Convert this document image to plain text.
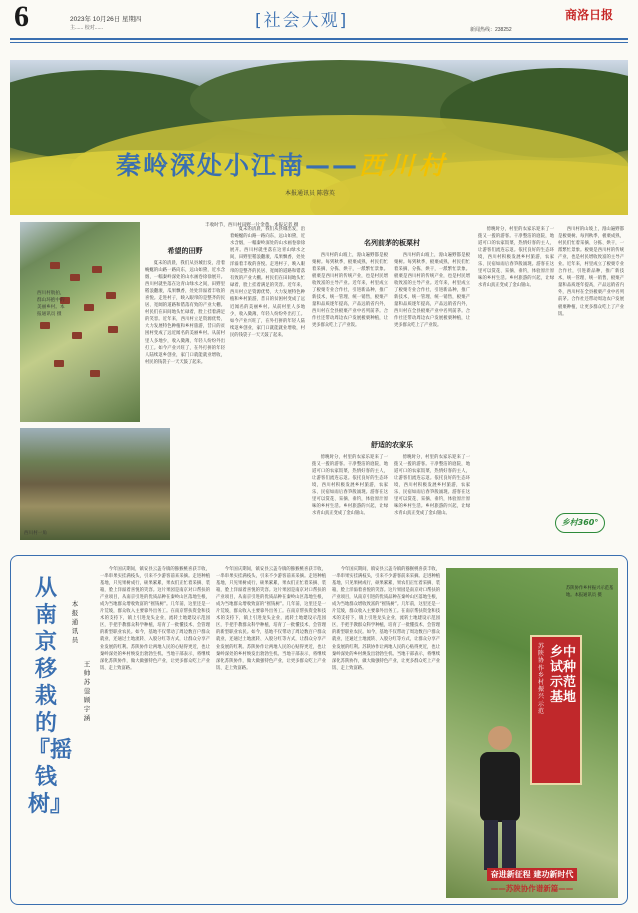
6	2023年 10月26日 星期四
主...... 校对......	[社会大观]	新闻热线：238252
商洛日报
秦岭深处小江南——西川村
本报通讯员 陈蓉英
西川村航拍，群山环抱中的美丽乡村。本报通讯员 摄
丰收时节，西川村田野一片金黄。本报记者 摄
希望的田野

夏末的清晨，我们从县城出发，沿着蜿蜒的山路一路向东，远山如黛，近水含烟，一幅秦岭深处的山水画卷徐徐展开。西川村就坐落在这青山绿水之间，田野里稻浪翻滚，瓜果飘香，处处洋溢着丰收的喜悦。走进村子，映入眼帘的是整齐的民居、宽阔的道路和错落有致的产业大棚。村民们在田间地头忙碌着，脸上挂着满足的笑容。近年来，西川村立足资源优势，大力发展特色种植和乡村旅游，昔日的贫困村变成了远近闻名的美丽乡村。从前村里人多地少，收入微薄，年轻人纷纷外出打工。如今产业兴旺了，在外打拼的年轻人陆续返乡创业，家门口就能就业增收，村民的钱袋子一天天鼓了起来。

夏末的清晨，我们从县城出发，沿着蜿蜒的山路一路向东，远山如黛，近水含烟，一幅秦岭深处的山水画卷徐徐展开。西川村就坐落在这青山绿水之间，田野里稻浪翻滚，瓜果飘香，处处洋溢着丰收的喜悦。走进村子，映入眼帘的是整齐的民居、宽阔的道路和错落有致的产业大棚。村民们在田间地头忙碌着，脸上挂着满足的笑容。近年来，西川村立足资源优势，大力发展特色种植和乡村旅游，昔日的贫困村变成了远近闻名的美丽乡村。从前村里人多地少，收入微薄，年轻人纷纷外出打工。如今产业兴旺了，在外打拼的年轻人陆续返乡创业，家门口就能就业增收，村民的钱袋子一天天鼓了起来。

名列前茅的板栗村

西川村的山坡上，漫山遍野都是板栗树。每到秋季，板栗成熟，村民们忙着采摘、分拣、烘干，一派繁忙景象。板栗是西川村的传统产业，也是村民增收致富的主导产业。近年来，村里成立了板栗专业合作社，引进新品种，推广新技术，统一管理、统一销售，板栗产量和品质逐年提高，产品远销省内外，西川村在全县板栗产业中名列前茅。合作社还带动周边农户发展板栗种植，让更多群众吃上了产业饭。

西川村的山坡上，漫山遍野都是板栗树。每到秋季，板栗成熟，村民们忙着采摘、分拣、烘干，一派繁忙景象。板栗是西川村的传统产业，也是村民增收致富的主导产业。近年来，村里成立了板栗专业合作社，引进新品种，推广新技术，统一管理、统一销售，板栗产量和品质逐年提高，产品远销省内外，西川村在全县板栗产业中名列前茅。合作社还带动周边农户发展板栗种植，让更多群众吃上了产业饭。

舒适的农家乐

傍晚时分，村里的农家乐迎来了一拨又一拨的游客。干净整洁的庭院，地道可口的农家饭菜，热情好客的主人，让游客们流连忘返。依托良好的生态环境，西川村积极发展乡村旅游，农家乐、民宿如雨后春笋般涌现。游客在这里可以赏花、采摘、垂钓，体验原汁原味的乡村生活。乡村旅游的兴起，让绿水青山真正变成了金山银山。

傍晚时分，村里的农家乐迎来了一拨又一拨的游客。干净整洁的庭院，地道可口的农家饭菜，热情好客的主人，让游客们流连忘返。依托良好的生态环境，西川村积极发展乡村旅游，农家乐、民宿如雨后春笋般涌现。游客在这里可以赏花、采摘、垂钓，体验原汁原味的乡村生活。乡村旅游的兴起，让绿水青山真正变成了金山银山。

傍晚时分，村里的农家乐迎来了一拨又一拨的游客。干净整洁的庭院，地道可口的农家饭菜，热情好客的主人，让游客们流连忘返。依托良好的生态环境，西川村积极发展乡村旅游，农家乐、民宿如雨后春笋般涌现。游客在这里可以赏花、采摘、垂钓，体验原汁原味的乡村生活。乡村旅游的兴起，让绿水青山真正变成了金山银山。

西川村的山坡上，漫山遍野都是板栗树。每到秋季，板栗成熟，村民们忙着采摘、分拣、烘干，一派繁忙景象。板栗是西川村的传统产业，也是村民增收致富的主导产业。近年来，村里成立了板栗专业合作社，引进新品种，推广新技术，统一管理、统一销售，板栗产量和品质逐年提高，产品远销省内外，西川村在全县板栗产业中名列前茅。合作社还带动周边农户发展板栗种植，让更多群众吃上了产业饭。

西川村一角
乡村360°
从南京移栽的『摇钱树』
本报通讯员
王 帅 苏 蓥 顾宇涵

今年国庆期间，镇安县云盖寺镇的猕猴桃喜获丰收，一串串果实挂满枝头，引来不少游客前来采摘。走进种植基地，只见果树成行，硕果累累，果农们正忙着采摘、装箱，脸上洋溢着喜悦的笑容。这片果园是南京对口帮扶的产业项目，从南京引进的优质品种在秦岭山区落地生根，成为当地群众增收致富的“摇钱树”。几年前，这里还是一片荒坡，群众收入主要靠外出务工。在南京帮扶资金和技术的支持下，镇上引进龙头企业，流转土地建设示范园区，手把手教群众科学种植，培育了一批懂技术、会管理的新型职业农民。如今，基地不仅带动了周边数百户群众就业，还通过土地流转、入股分红等方式，让群众分享产业发展的红利。苏陕协作让两地人民的心贴得更近，也让秦岭深处的乡村焕发出勃勃生机。当地干部表示，将继续深化苏陕协作，做大做强特色产业，让更多群众吃上产业饭、走上致富路。

今年国庆期间，镇安县云盖寺镇的猕猴桃喜获丰收，一串串果实挂满枝头，引来不少游客前来采摘。走进种植基地，只见果树成行，硕果累累，果农们正忙着采摘、装箱，脸上洋溢着喜悦的笑容。这片果园是南京对口帮扶的产业项目，从南京引进的优质品种在秦岭山区落地生根，成为当地群众增收致富的“摇钱树”。几年前，这里还是一片荒坡，群众收入主要靠外出务工。在南京帮扶资金和技术的支持下，镇上引进龙头企业，流转土地建设示范园区，手把手教群众科学种植，培育了一批懂技术、会管理的新型职业农民。如今，基地不仅带动了周边数百户群众就业，还通过土地流转、入股分红等方式，让群众分享产业发展的红利。苏陕协作让两地人民的心贴得更近，也让秦岭深处的乡村焕发出勃勃生机。当地干部表示，将继续深化苏陕协作，做大做强特色产业，让更多群众吃上产业饭、走上致富路。

今年国庆期间，镇安县云盖寺镇的猕猴桃喜获丰收，一串串果实挂满枝头，引来不少游客前来采摘。走进种植基地，只见果树成行，硕果累累，果农们正忙着采摘、装箱，脸上洋溢着喜悦的笑容。这片果园是南京对口帮扶的产业项目，从南京引进的优质品种在秦岭山区落地生根，成为当地群众增收致富的“摇钱树”。几年前，这里还是一片荒坡，群众收入主要靠外出务工。在南京帮扶资金和技术的支持下，镇上引进龙头企业，流转土地建设示范园区，手把手教群众科学种植，培育了一批懂技术、会管理的新型职业农民。如今，基地不仅带动了周边数百户群众就业，还通过土地流转、入股分红等方式，让群众分享产业发展的红利。苏陕协作让两地人民的心贴得更近，也让秦岭深处的乡村焕发出勃勃生机。当地干部表示，将继续深化苏陕协作，做大做强特色产业，让更多群众吃上产业饭、走上致富路。

苏陕协作乡村振兴示范基地。本报通讯员 摄
苏陕协作乡村振兴示范
乡中试种示范基地
奋进新征程 建功新时代
——苏陕协作谱新篇——
